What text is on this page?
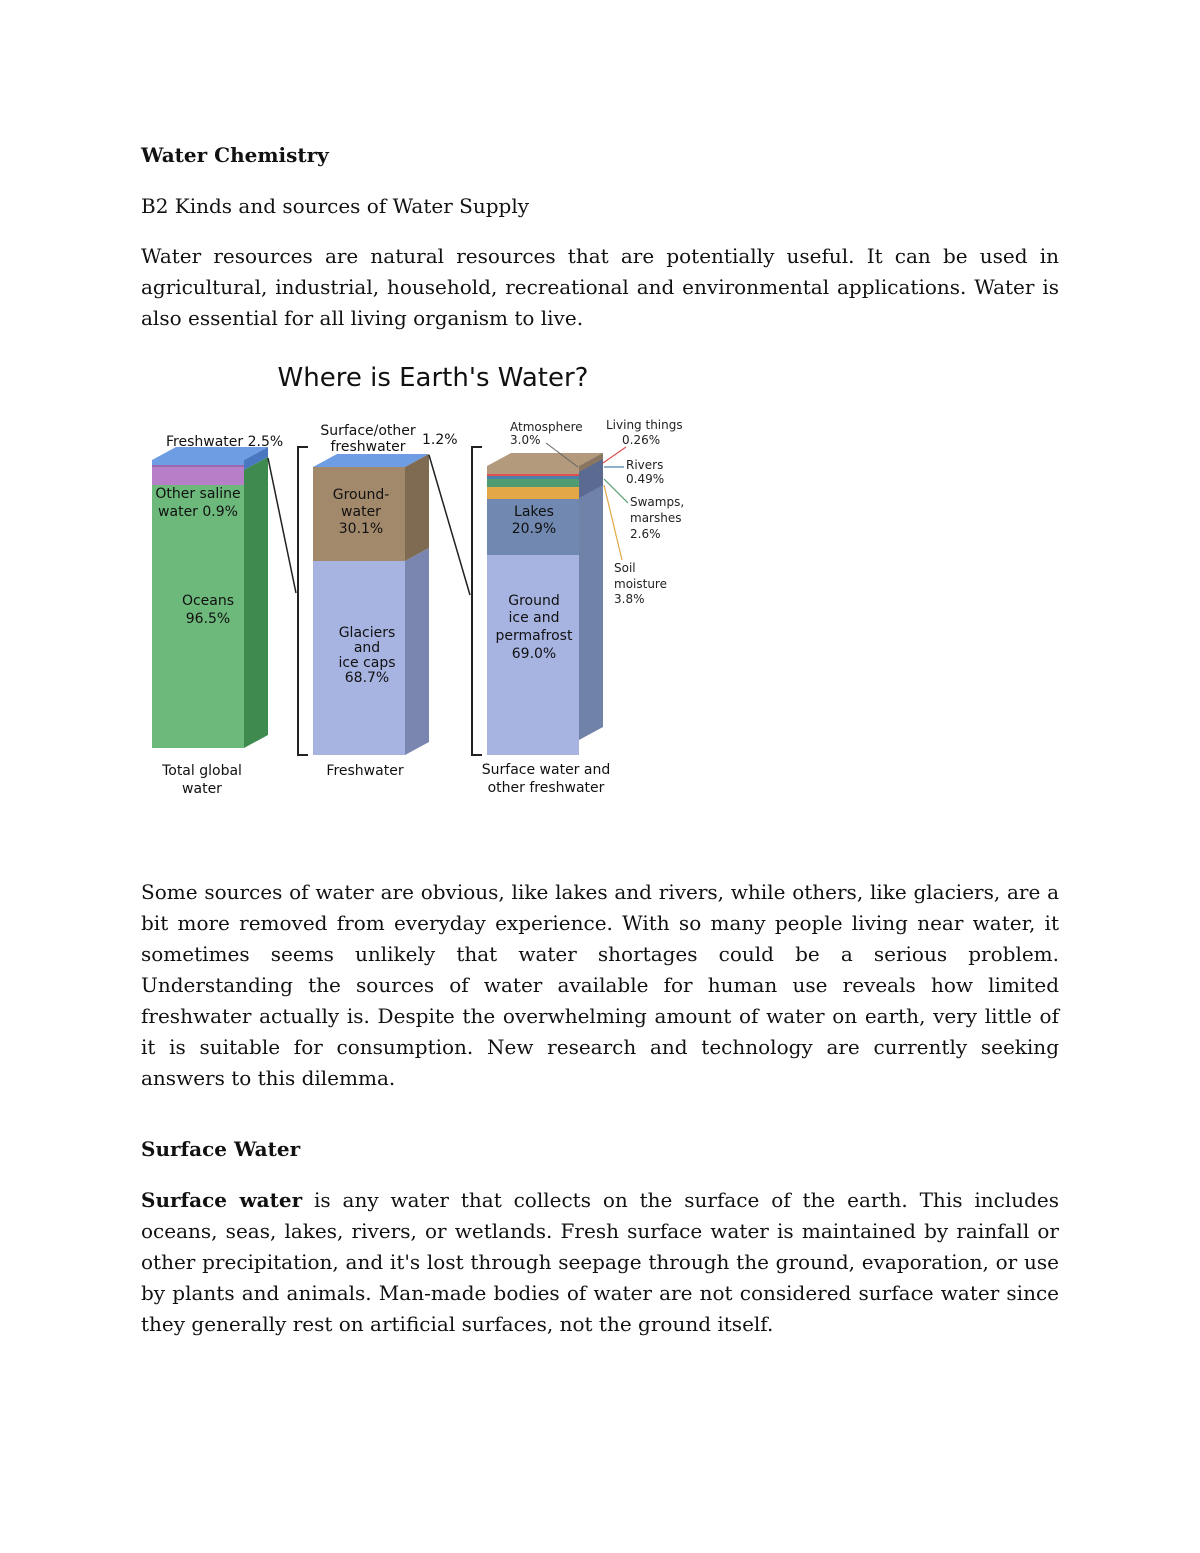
Water Chemistry

B2 Kinds and sources of Water Supply

Water resources are natural resources that are potentially useful. It can be used in agricultural, industrial, household, recreational and environmental applications. Water is also essential for all living organism to live.

Some sources of water are obvious, like lakes and rivers, while others, like glaciers, are a bit more removed from everyday experience. With so many people living near water, it sometimes seems unlikely that water shortages could be a serious problem. Understanding the sources of water available for human use reveals how limited freshwater actually is. Despite the overwhelming amount of water on earth, very little of it is suitable for consumption. New research and technology are currently seeking answers to this dilemma.

Surface Water

Surface water is any water that collects on the surface of the earth. This includes oceans, seas, lakes, rivers, or wetlands. Fresh surface water is maintained by rainfall or other precipitation, and it's lost through seepage through the ground, evaporation, or use by plants and animals. Man-made bodies of water are not considered surface water since they generally rest on artificial surfaces, not the ground itself.

Where is Earth's Water?
Freshwater 2.5%
Other saline
water 0.9%
Oceans
96.5%
Total global
water
Surface/other
freshwater 1.2%
Ground-
water
30.1%
Glaciers
and
ice caps
68.7%
Freshwater
Lakes
20.9%
Ground
ice and
permafrost
69.0%
Surface water and
other freshwater
Atmosphere
3.0%
Living things
0.26%
Rivers
0.49%
Swamps,
marshes
2.6%
Soil
moisture
3.8%
